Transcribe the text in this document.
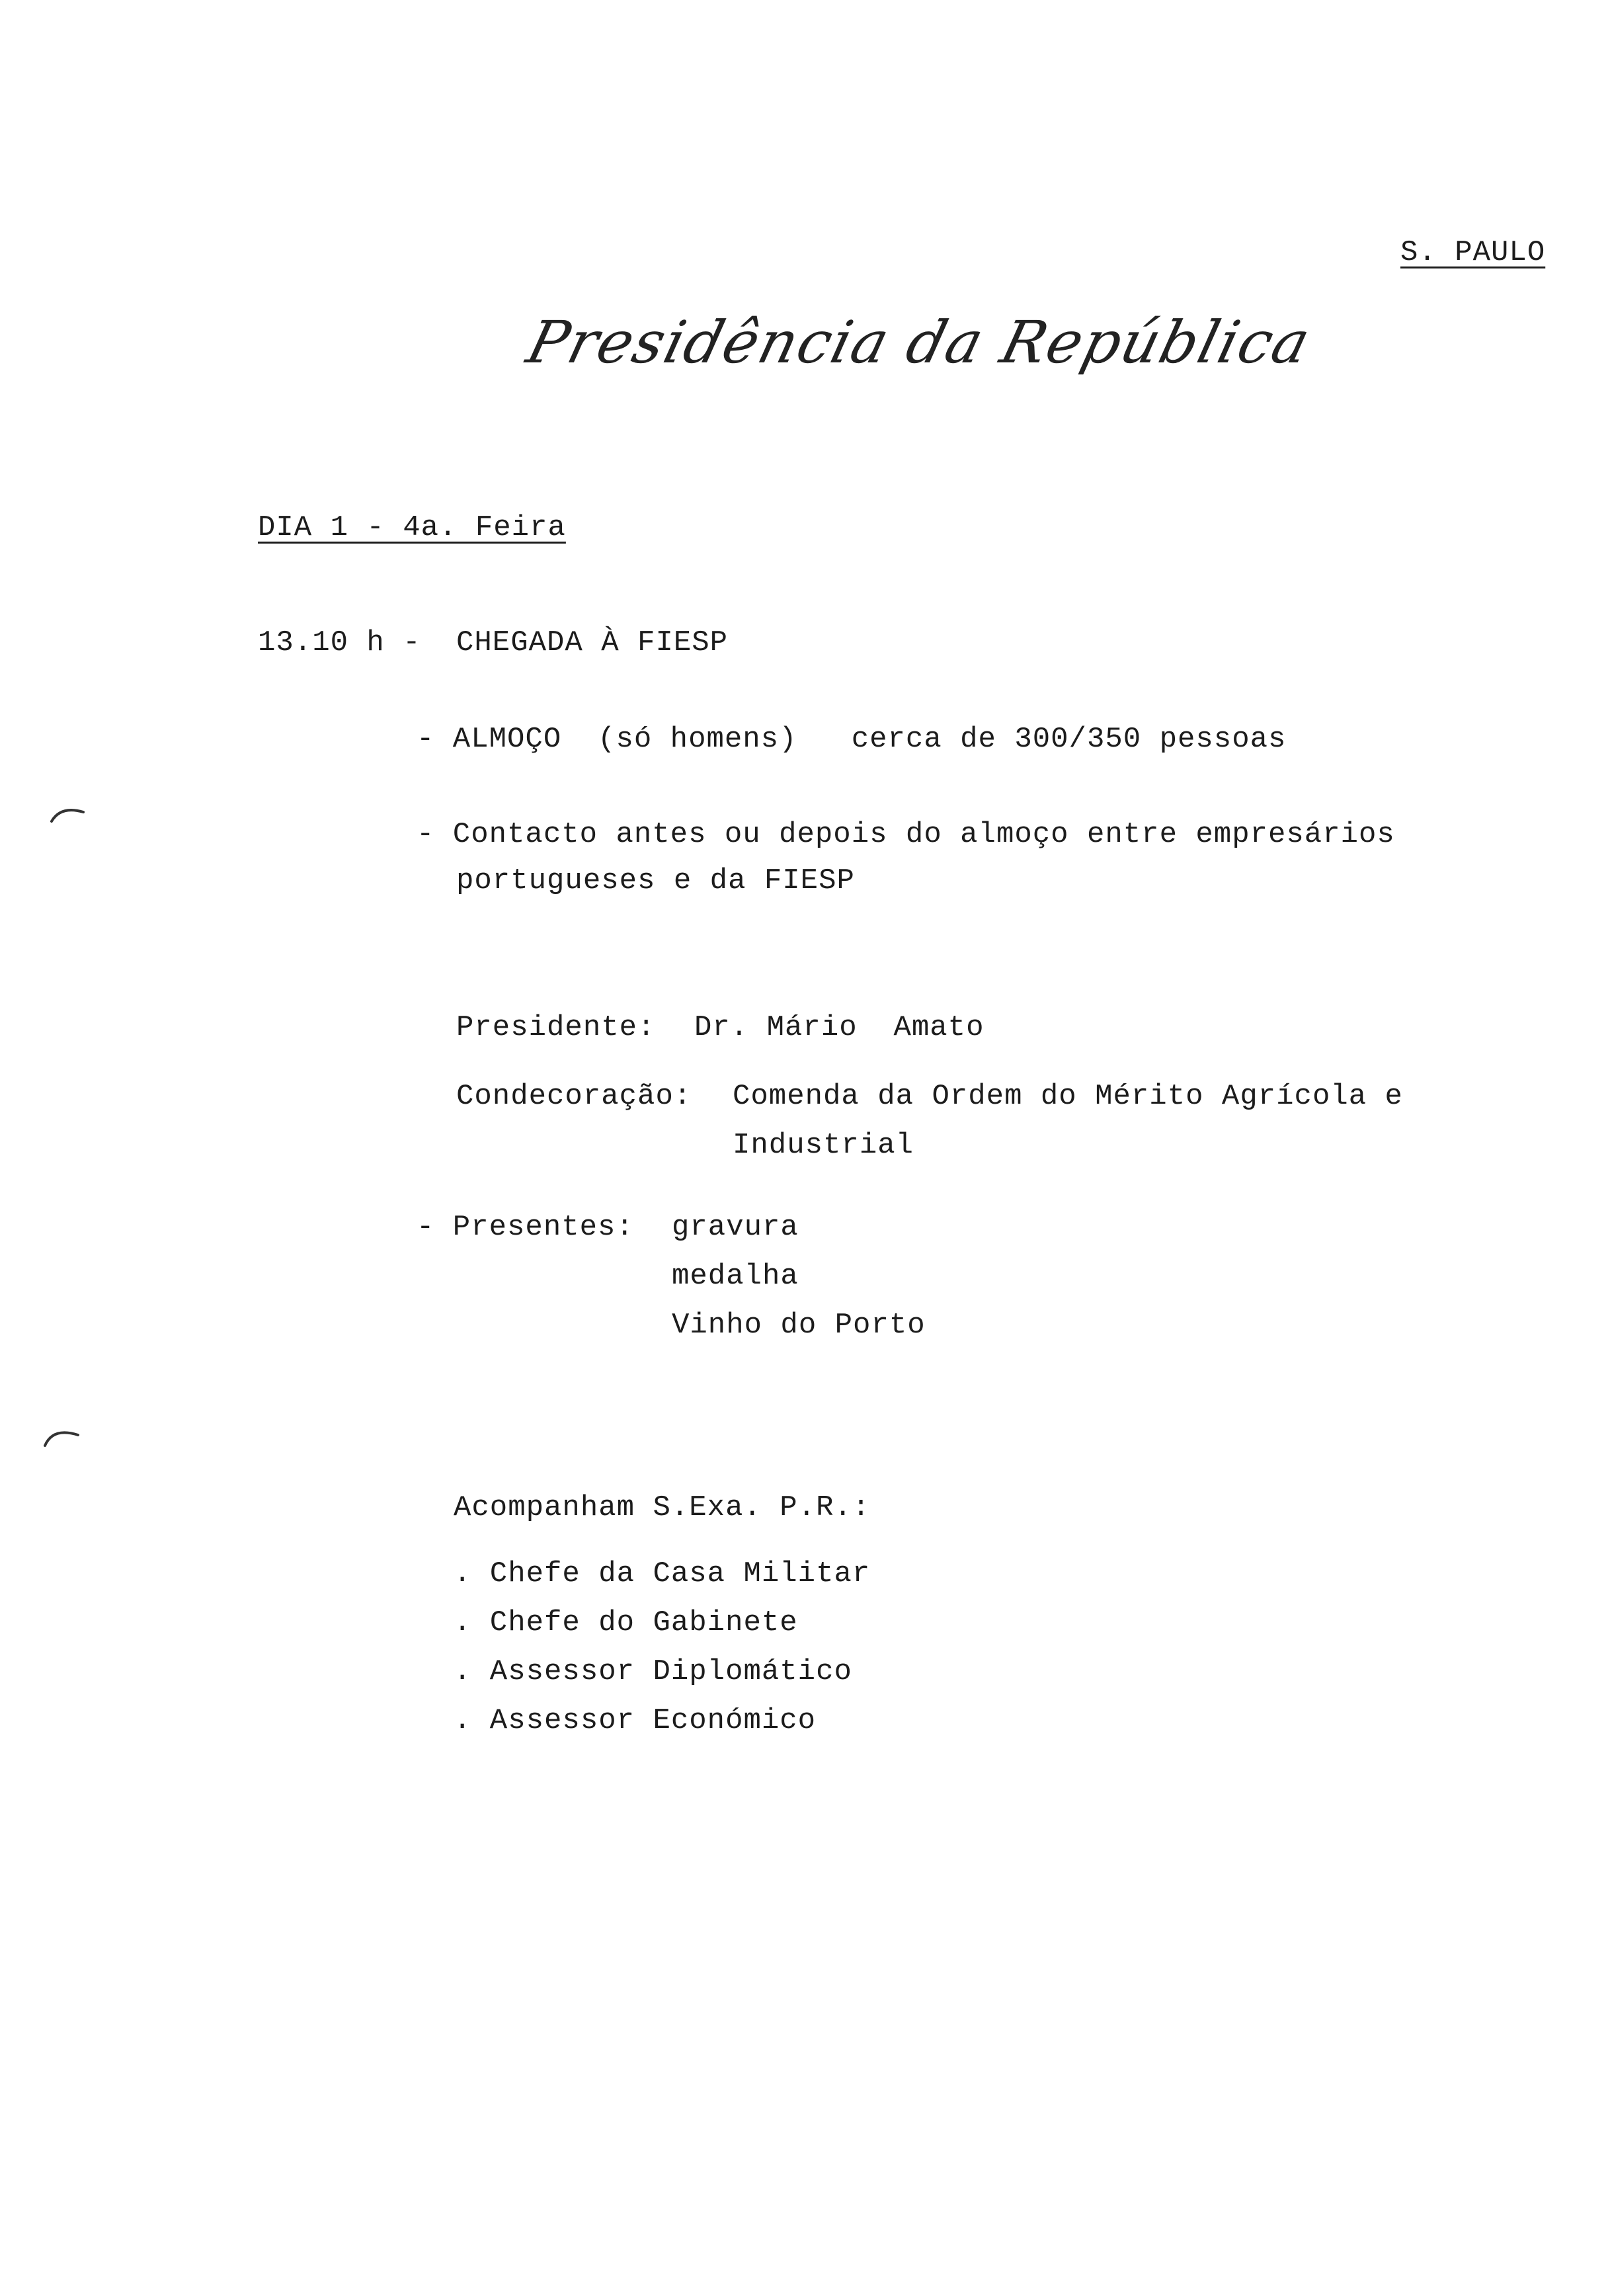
S. PAULO
Presidência da República
DIA 1 - 4a. Feira
13.10 h - CHEGADA À FIESP
- ALMOÇO  (só homens)   cerca de 300/350 pessoas
- Contacto antes ou depois do almoço entre empresários
portugueses e da FIESP
Presidente: Dr. Mário  Amato
Condecoração: Comenda da Ordem do Mérito Agrícola e
Industrial
- Presentes: gravura
medalha
Vinho do Porto
Acompanham S.Exa. P.R.:
. Chefe da Casa Militar
. Chefe do Gabinete
. Assessor Diplomático
. Assessor Económico
